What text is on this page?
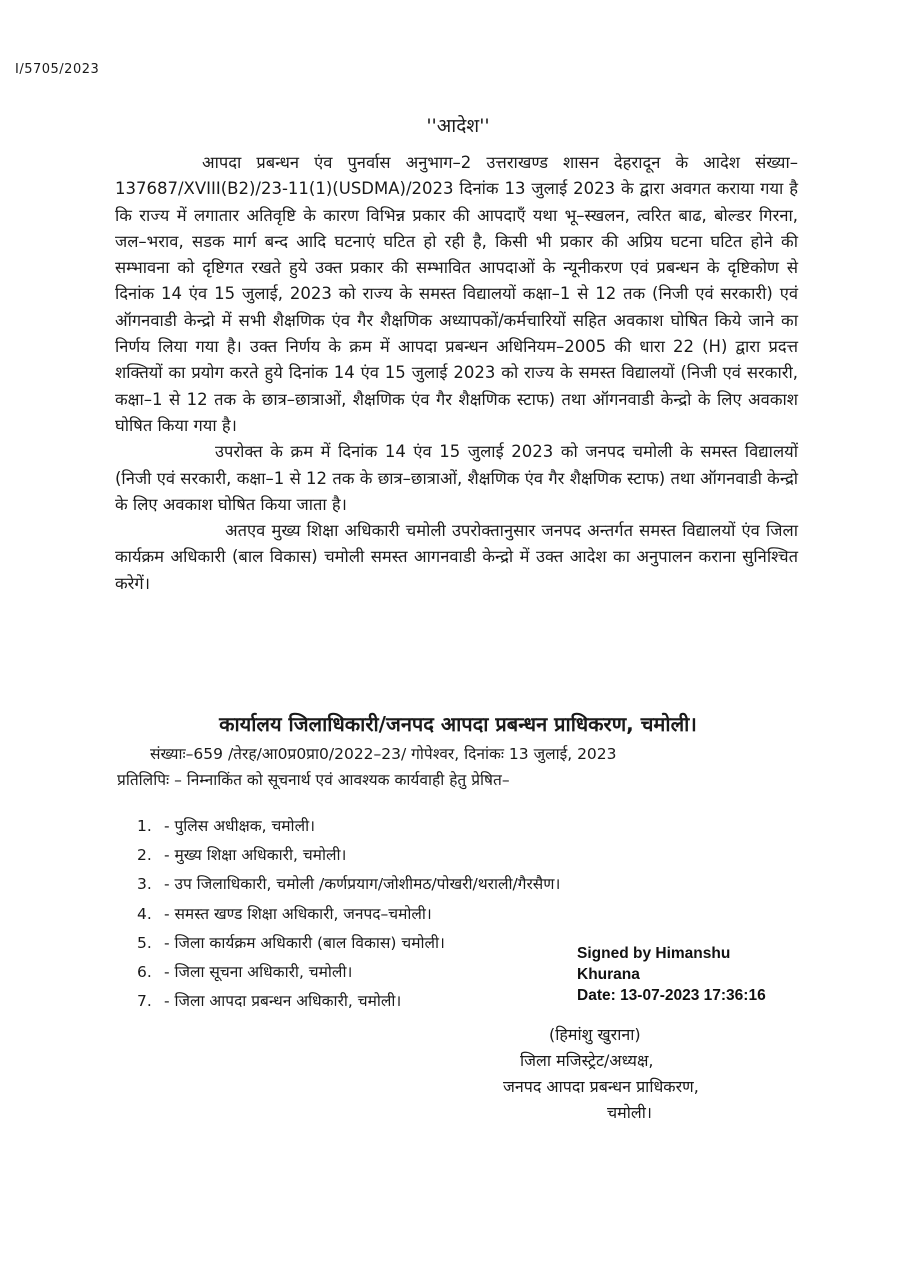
I/5705/2023
''आदेश''

आपदा प्रबन्धन एंव पुनर्वास अनुभाग–2 उत्तराखण्ड शासन देहरादून के आदेश संख्या– 137687/XVIII(B2)/23-11(1)(USDMA)/2023 दिनांक 13 जुलाई 2023 के द्वारा अवगत कराया गया है कि राज्य में लगातार अतिवृष्टि के कारण विभिन्न प्रकार की आपदाएँ यथा भू–स्खलन, त्वरित बाढ, बोल्डर गिरना, जल–भराव, सडक मार्ग बन्द आदि घटनाएं घटित हो रही है, किसी भी प्रकार की अप्रिय घटना घटित होने की सम्भावना को दृष्टिगत रखते हुये उक्त प्रकार की सम्भावित आपदाओं के न्यूनीकरण एवं प्रबन्धन के दृष्टिकोण से दिनांक 14 एंव 15 जुलाई, 2023 को राज्य के समस्त विद्यालयों कक्षा–1 से 12 तक (निजी एवं सरकारी) एवं ऑगनवाडी केन्द्रो में सभी शैक्षणिक एंव गैर शैक्षणिक अध्यापकों/कर्मचारियों सहित अवकाश घोषित किये जाने का निर्णय लिया गया है। उक्त निर्णय के क्रम में आपदा प्रबन्धन अधिनियम–2005 की धारा 22 (H) द्वारा प्रदत्त शक्तियों का प्रयोग करते हुये दिनांक 14 एंव 15 जुलाई 2023 को राज्य के समस्त विद्यालयों (निजी एवं सरकारी, कक्षा–1 से 12 तक के छात्र–छात्राओं, शैक्षणिक एंव गैर शैक्षणिक स्टाफ) तथा ऑगनवाडी केन्द्रो के लिए अवकाश घोषित किया गया है।

उपरोक्त के क्रम में दिनांक 14 एंव 15 जुलाई 2023 को जनपद चमोली के समस्त विद्यालयों (निजी एवं सरकारी, कक्षा–1 से 12 तक के छात्र–छात्राओं, शैक्षणिक एंव गैर शैक्षणिक स्टाफ) तथा ऑगनवाडी केन्द्रो के लिए अवकाश घोषित किया जाता है।

अतएव मुख्य शिक्षा अधिकारी चमोली उपरोक्तानुसार जनपद अन्तर्गत समस्त विद्यालयों एंव जिला कार्यक्रम अधिकारी (बाल विकास) चमोली समस्त आगनवाडी केन्द्रो में उक्त आदेश का अनुपालन कराना सुनिश्चित करेगें।

कार्यालय जिलाधिकारी/जनपद आपदा प्रबन्धन प्राधिकरण, चमोली।
संख्याः–659 /तेरह/आ0प्र0प्रा0/2022–23/ गोपेश्वर, दिनांकः 13 जुलाई, 2023
प्रतिलिपिः – निम्नाकिंत को सूचनार्थ एवं आवश्यक कार्यवाही हेतु प्रेषित–
1. - पुलिस अधीक्षक, चमोली।
2. - मुख्य शिक्षा अधिकारी, चमोली।
3. - उप जिलाधिकारी, चमोली /कर्णप्रयाग/जोशीमठ/पोखरी/थराली/गैरसैण।
4. - समस्त खण्ड शिक्षा अधिकारी, जनपद–चमोली।
5. - जिला कार्यक्रम अधिकारी (बाल विकास) चमोली।
6. - जिला सूचना अधिकारी, चमोली।
7. - जिला आपदा प्रबन्धन अधिकारी, चमोली।
Signed by Himanshu
Khurana
Date: 13-07-2023 17:36:16
(हिमांशु खुराना)
जिला मजिस्ट्रेट/अध्यक्ष,
जनपद आपदा प्रबन्धन प्राधिकरण,
चमोली।
